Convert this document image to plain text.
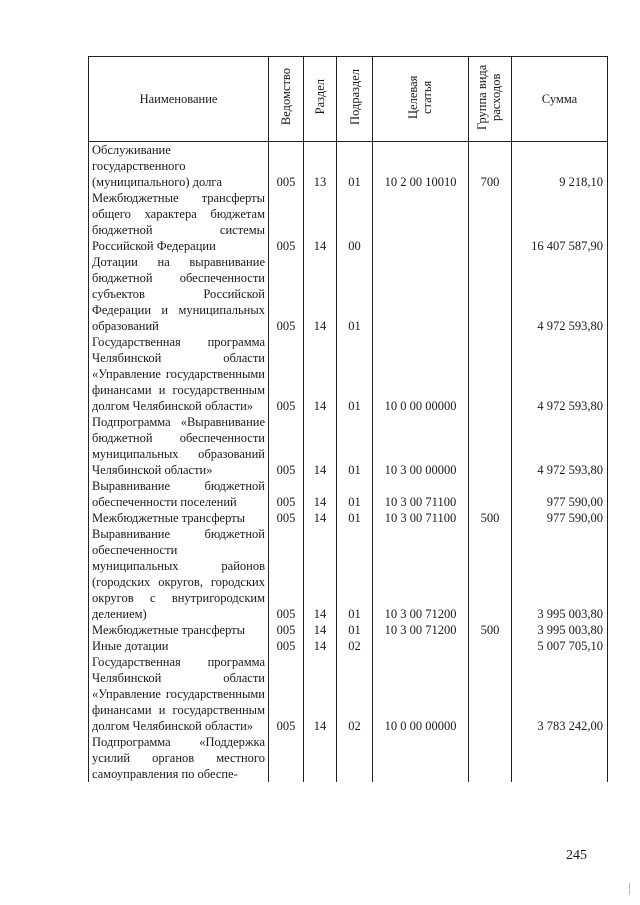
Наименование	Ведомство	Раздел	Подраздел	Целевая статья	Группа вида расходов	Сумма
Обслуживание государственного (муниципального) долга	005	13	01	10 2 00 10010	700	9 218,10
Межбюджетные трансферты общего характера бюджетам бюджетной системы Российской Федерации	005	14	00			16 407 587,90
Дотации на выравнивание бюджетной обеспеченности субъектов Российской Федерации и муниципальных образований	005	14	01			4 972 593,80
Государственная программа Челябинской области «Управление государственными финансами и государственным долгом Челябинской области»	005	14	01	10 0 00 00000		4 972 593,80
Подпрограмма «Выравнивание бюджетной обеспеченности муниципальных образований Челябинской области»	005	14	01	10 3 00 00000		4 972 593,80
Выравнивание бюджетной обеспеченности поселений	005	14	01	10 3 00 71100		977 590,00
Межбюджетные трансферты	005	14	01	10 3 00 71100	500	977 590,00
Выравнивание бюджетной обеспеченности муниципальных районов (городских округов, городских округов с внутригородским делением)	005	14	01	10 3 00 71200		3 995 003,80
Межбюджетные трансферты	005	14	01	10 3 00 71200	500	3 995 003,80
Иные дотации	005	14	02			5 007 705,10
Государственная программа Челябинской области «Управление государственными финансами и государственным долгом Челябинской области»	005	14	02	10 0 00 00000		3 783 242,00
Подпрограмма «Поддержка усилий органов местного самоуправления по обеспе-						
245
